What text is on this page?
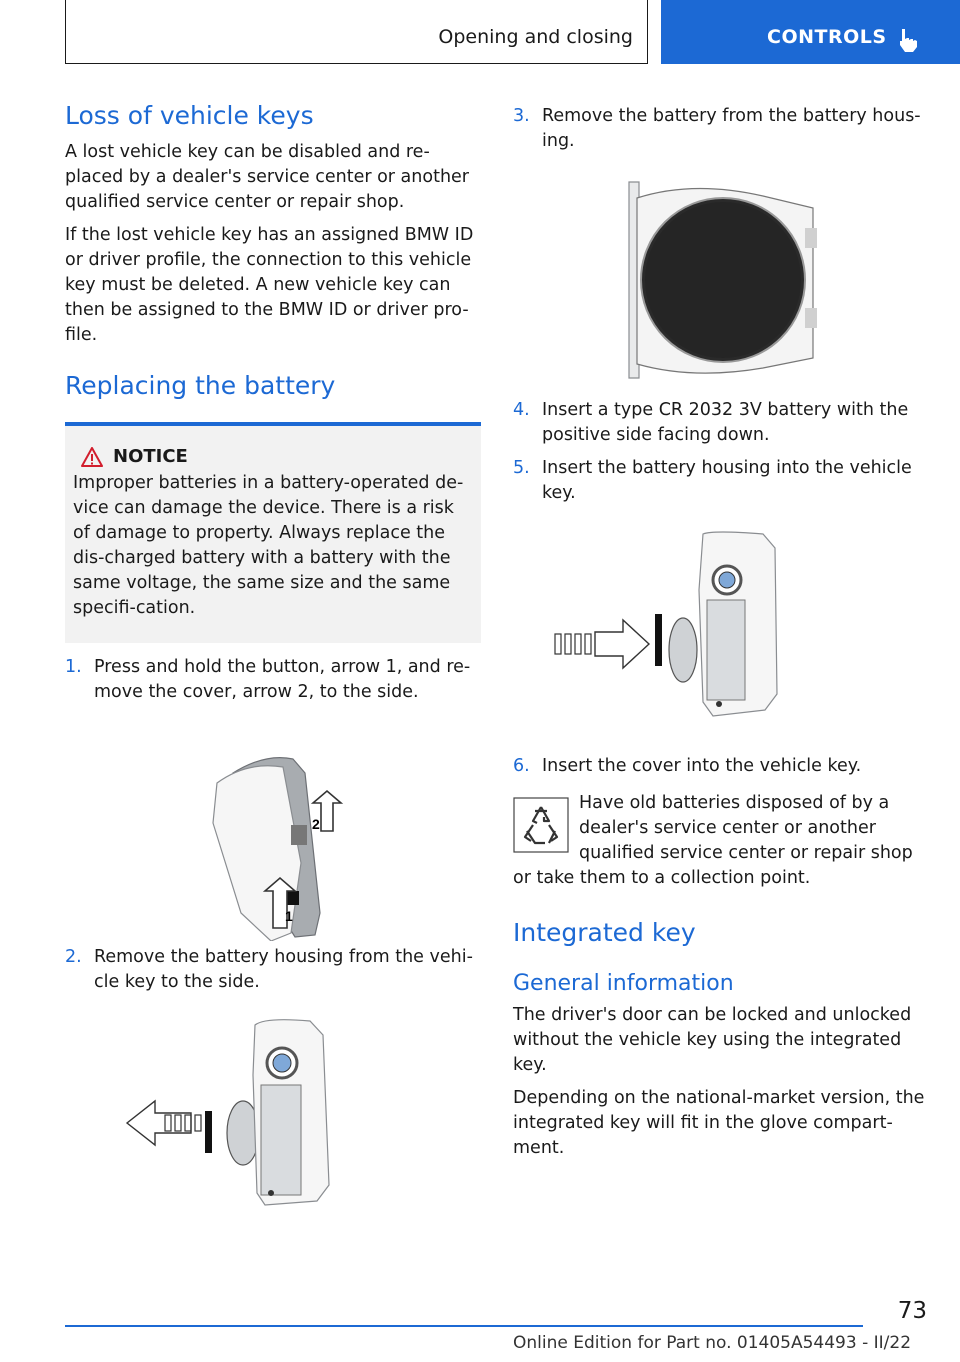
Opening and closing	CONTROLS
Loss of vehicle keys

A lost vehicle key can be disabled and re-placed by a dealer's service center or another qualified service center or repair shop.

If the lost vehicle key has an assigned BMW ID or driver profile, the connection to this vehicle key must be deleted. A new vehicle key can then be assigned to the BMW ID or driver pro-file.

Replacing the battery
NOTICE

Improper batteries in a battery-operated de-vice can damage the device. There is a risk of damage to property. Always replace the dis-charged battery with a battery with the same voltage, the same size and the same specifi-cation.

1. Press and hold the button, arrow 1, and re-move the cover, arrow 2, to the side.
2
1
2. Remove the battery housing from the vehi-cle key to the side.
3. Remove the battery from the battery hous-ing.
4. Insert a type CR 2032 3V battery with the positive side facing down.
5. Insert the battery housing into the vehicle key.
6. Insert the cover into the vehicle key.

Have old batteries disposed of by a dealer's service center or another qualified service center or repair shop

or take them to a collection point.

Integrated key
General information

The driver's door can be locked and unlocked without the vehicle key using the integrated key.

Depending on the national-market version, the integrated key will fit in the glove compart-ment.

73
Online Edition for Part no. 01405A54493 - II/22
